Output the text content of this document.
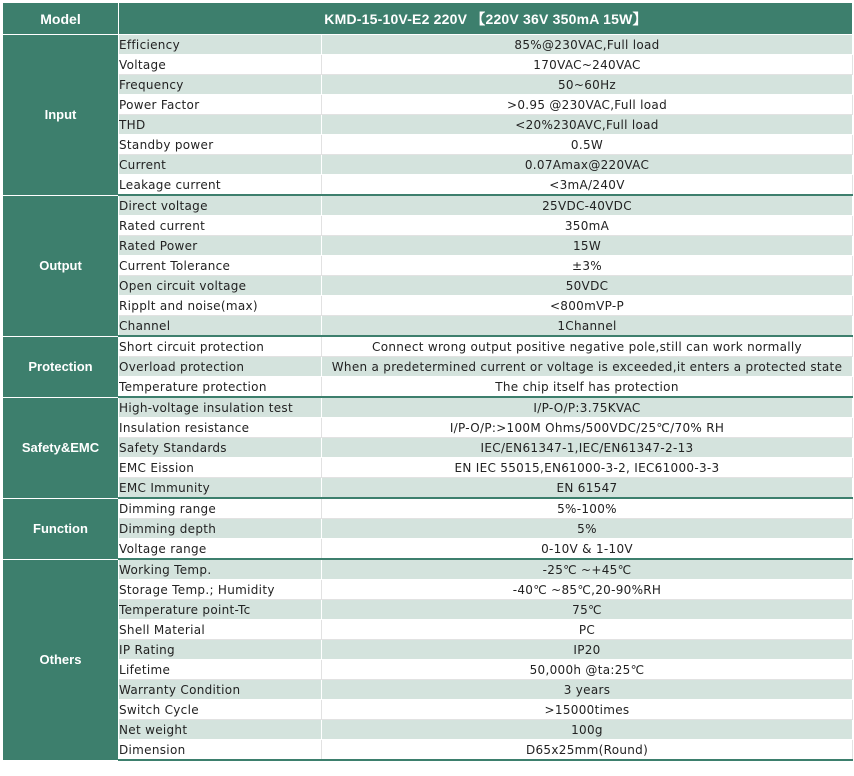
Model	KMD-15-10V-E2 220V 【220V 36V 350mA 15W】	
Input	Efficiency	85%@230VAC,Full load
	Voltage	170VAC~240VAC
	Frequency	50~60Hz
	Power Factor	>0.95 @230VAC,Full load
	THD	<20%230AVC,Full load
	Standby power	0.5W
	Current	0.07Amax@220VAC
	Leakage current	<3mA/240V
Output	Direct voltage	25VDC-40VDC
	Rated current	350mA
	Rated Power	15W
	Current Tolerance	±3%
	Open circuit voltage	50VDC
	Ripplt and noise(max)	<800mVP-P
	Channel	1Channel
Protection	Short circuit protection	Connect wrong output positive negative pole,still can work normally
	Overload protection	When a predetermined current or voltage is exceeded,it enters a protected state
	Temperature protection	The chip itself has protection
Safety&EMC	High-voltage insulation test	I/P-O/P:3.75KVAC
	Insulation resistance	I/P-O/P:>100M Ohms/500VDC/25℃/70% RH
	Safety Standards	IEC/EN61347-1,IEC/EN61347-2-13
	EMC Eission	EN IEC 55015,EN61000-3-2, IEC61000-3-3
	EMC Immunity	EN 61547
Function	Dimming range	5%-100%
	Dimming depth	5%
	Voltage range	0-10V & 1-10V
Others	Working Temp.	-25℃ ~+45℃
	Storage Temp.; Humidity	-40℃ ~85℃,20-90%RH
	Temperature point-Tc	75℃
	Shell Material	PC
	IP Rating	IP20
	Lifetime	50,000h @ta:25℃
	Warranty Condition	3 years
	Switch Cycle	>15000times
	Net weight	100g
	Dimension	D65x25mm(Round)
